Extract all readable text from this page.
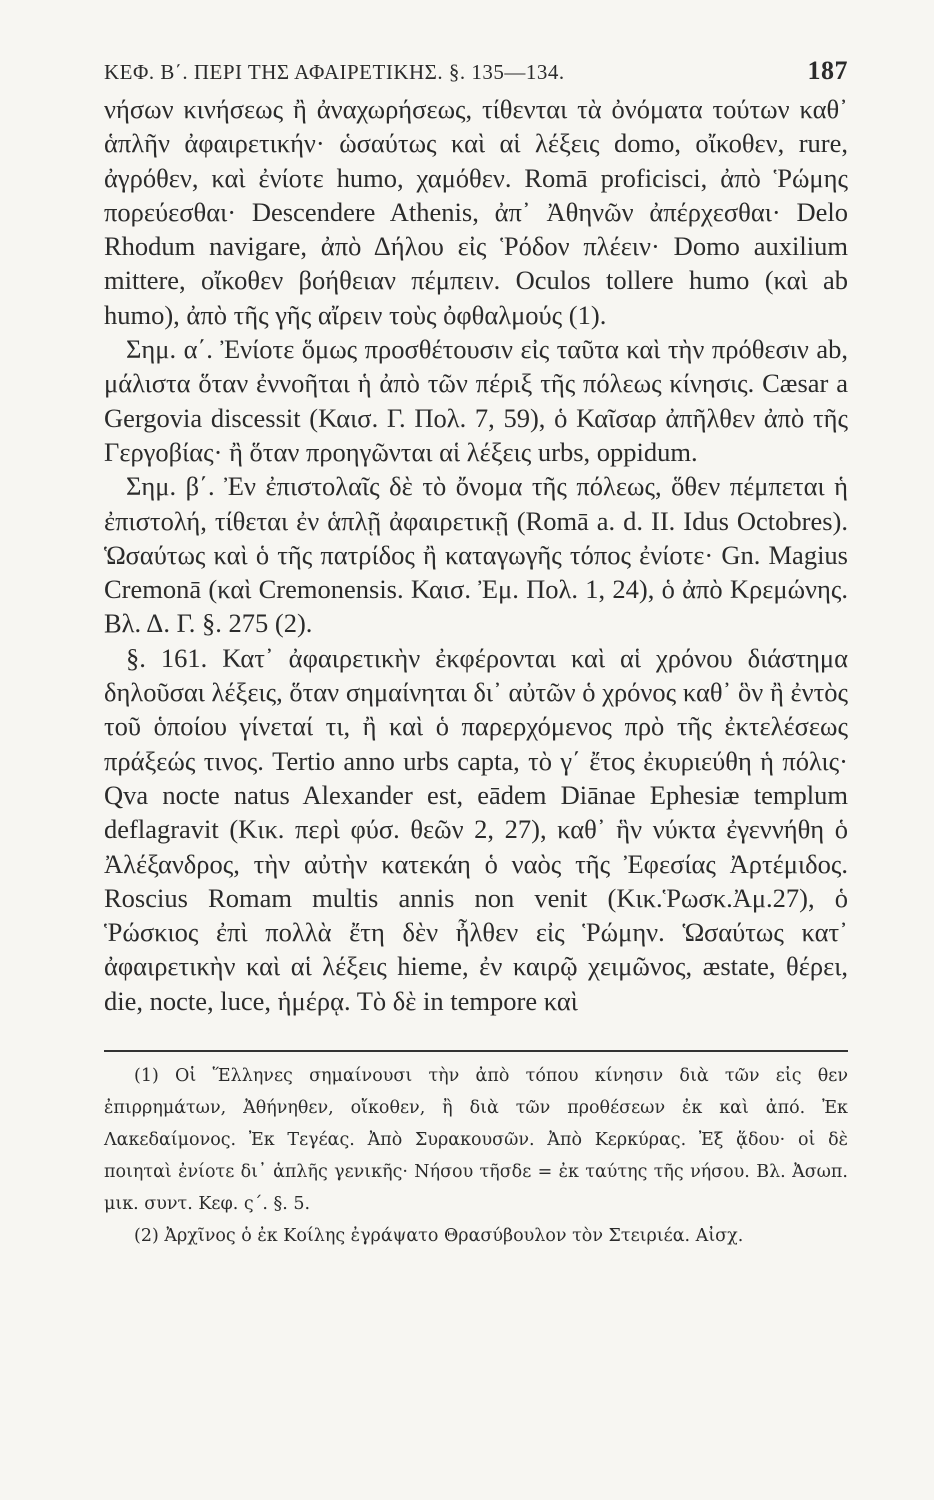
ΚΕΦ. Β΄. ΠΕΡΙ ΤΗΣ ΑΦΑΙΡΕΤΙΚΗΣ. §. 135—134.	187

νήσων κινήσεως ἢ ἀναχωρήσεως, τίθενται τὰ ὀνόματα τούτων καθ᾿ ἁπλῆν ἀφαιρετικήν· ὡσαύτως καὶ αἱ λέξεις domo, οἴκοθεν, rure, ἀγρόθεν, καὶ ἐνίοτε humo, χαμόθεν. Romā proficisci, ἀπὸ Ῥώμης πορεύεσθαι· Descendere Athenis, ἀπ᾿ Ἀθηνῶν ἀπέρχεσθαι· Delo Rhodum navigare, ἀπὸ Δήλου εἰς Ῥόδον πλέειν· Domo auxilium mittere, οἴκοθεν βοήθειαν πέμπειν. Oculos tollere humo (καὶ ab humo), ἀπὸ τῆς γῆς αἴρειν τοὺς ὀφθαλμούς (1).

Σημ. α΄. Ἐνίοτε ὅμως προσθέτουσιν εἰς ταῦτα καὶ τὴν πρόθεσιν ab, μάλιστα ὅταν ἐννοῆται ἡ ἀπὸ τῶν πέριξ τῆς πόλεως κίνησις. Cæsar a Gergovia discessit (Καισ. Γ. Πολ. 7, 59), ὁ Καῖσαρ ἀπῆλθεν ἀπὸ τῆς Γεργοβίας· ἢ ὅταν προηγῶνται αἱ λέξεις urbs, oppidum.

Σημ. β΄. Ἐν ἐπιστολαῖς δὲ τὸ ὄνομα τῆς πόλεως, ὅθεν πέμπεται ἡ ἐπιστολή, τίθεται ἐν ἁπλῇ ἀφαιρετικῇ (Romā a. d. II. Idus Octobres). Ὡσαύτως καὶ ὁ τῆς πατρίδος ἢ καταγωγῆς τόπος ἐνίοτε· Gn. Magius Cremonā (καὶ Cremonensis. Καισ. Ἐμ. Πολ. 1, 24), ὁ ἀπὸ Κρεμώνης. Βλ. Δ. Γ. §. 275 (2).

§. 161. Κατ᾿ ἀφαιρετικὴν ἐκφέρονται καὶ αἱ χρόνου διάστημα δηλοῦσαι λέξεις, ὅταν σημαίνηται δι᾿ αὐτῶν ὁ χρόνος καθ᾿ ὃν ἢ ἐντὸς τοῦ ὁποίου γίνεταί τι, ἢ καὶ ὁ παρερχόμενος πρὸ τῆς ἐκτελέσεως πράξεώς τινος. Tertio anno urbs capta, τὸ γ΄ ἔτος ἐκυριεύθη ἡ πόλις· Qva nocte natus Alexander est, eādem Diānae Ephesiæ templum deflagravit (Κικ. περὶ φύσ. θεῶν 2, 27), καθ᾿ ἣν νύκτα ἐγεννήθη ὁ Ἀλέξανδρος, τὴν αὐτὴν κατεκάη ὁ ναὸς τῆς Ἐφεσίας Ἀρτέμιδος. Roscius Romam multis annis non venit (Κικ.Ῥωσκ.Ἀμ.27), ὁ Ῥώσκιος ἐπὶ πολλὰ ἔτη δὲν ἦλθεν εἰς Ῥώμην. Ὡσαύτως κατ᾿ ἀφαιρετικὴν καὶ αἱ λέξεις hieme, ἐν καιρῷ χειμῶνος, æstate, θέρει, die, nocte, luce, ἡμέρᾳ. Τὸ δὲ in tempore καὶ

(1) Οἱ Ἕλληνες σημαίνουσι τὴν ἀπὸ τόπου κίνησιν διὰ τῶν εἰς θεν ἐπιρρημάτων, Ἀθήνηθεν, οἴκοθεν, ἢ διὰ τῶν προθέσεων ἐκ καὶ ἀπό. Ἐκ Λακεδαίμονος. Ἐκ Τεγέας. Ἀπὸ Συρακουσῶν. Ἀπὸ Κερκύρας. Ἐξ ᾅδου· οἱ δὲ ποιηταὶ ἐνίοτε δι᾿ ἁπλῆς γενικῆς· Νήσου τῆσδε = ἐκ ταύτης τῆς νήσου. Βλ. Ἀσωπ. μικ. συντ. Κεφ. ς΄. §. 5.

(2) Ἀρχῖνος ὁ ἐκ Κοίλης ἐγράψατο Θρασύβουλον τὸν Στειριέα. Αἰσχ.
